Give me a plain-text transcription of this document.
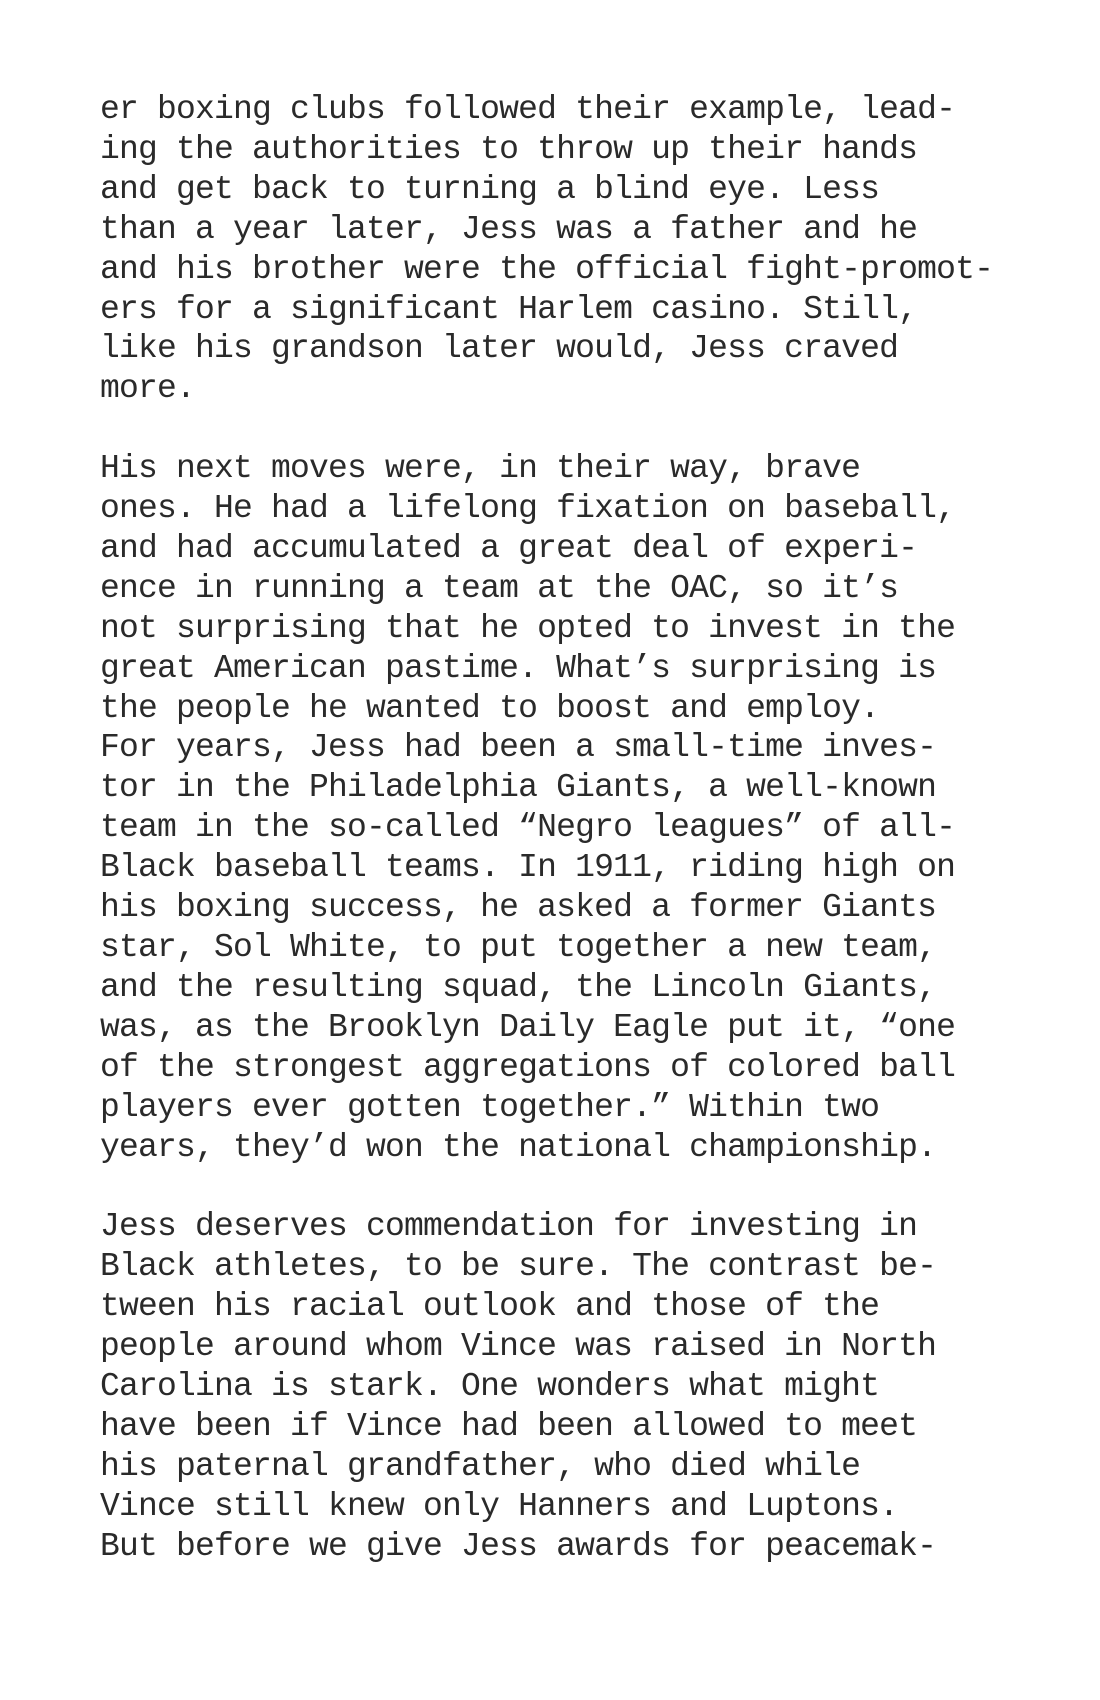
er boxing clubs followed their example, lead-
ing the authorities to throw up their hands
and get back to turning a blind eye. Less
than a year later, Jess was a father and he
and his brother were the official fight-promot-
ers for a significant Harlem casino. Still,
like his grandson later would, Jess craved
more.
His next moves were, in their way, brave
ones. He had a lifelong fixation on baseball,
and had accumulated a great deal of experi-
ence in running a team at the OAC, so it’s
not surprising that he opted to invest in the
great American pastime. What’s surprising is
the people he wanted to boost and employ.
For years, Jess had been a small-time inves-
tor in the Philadelphia Giants, a well-known
team in the so-called “Negro leagues” of all-
Black baseball teams. In 1911, riding high on
his boxing success, he asked a former Giants
star, Sol White, to put together a new team,
and the resulting squad, the Lincoln Giants,
was, as the Brooklyn Daily Eagle put it, “one
of the strongest aggregations of colored ball
players ever gotten together.” Within two
years, they’d won the national championship.
Jess deserves commendation for investing in
Black athletes, to be sure. The contrast be-
tween his racial outlook and those of the
people around whom Vince was raised in North
Carolina is stark. One wonders what might
have been if Vince had been allowed to meet
his paternal grandfather, who died while
Vince still knew only Hanners and Luptons.
But before we give Jess awards for peacemak-
